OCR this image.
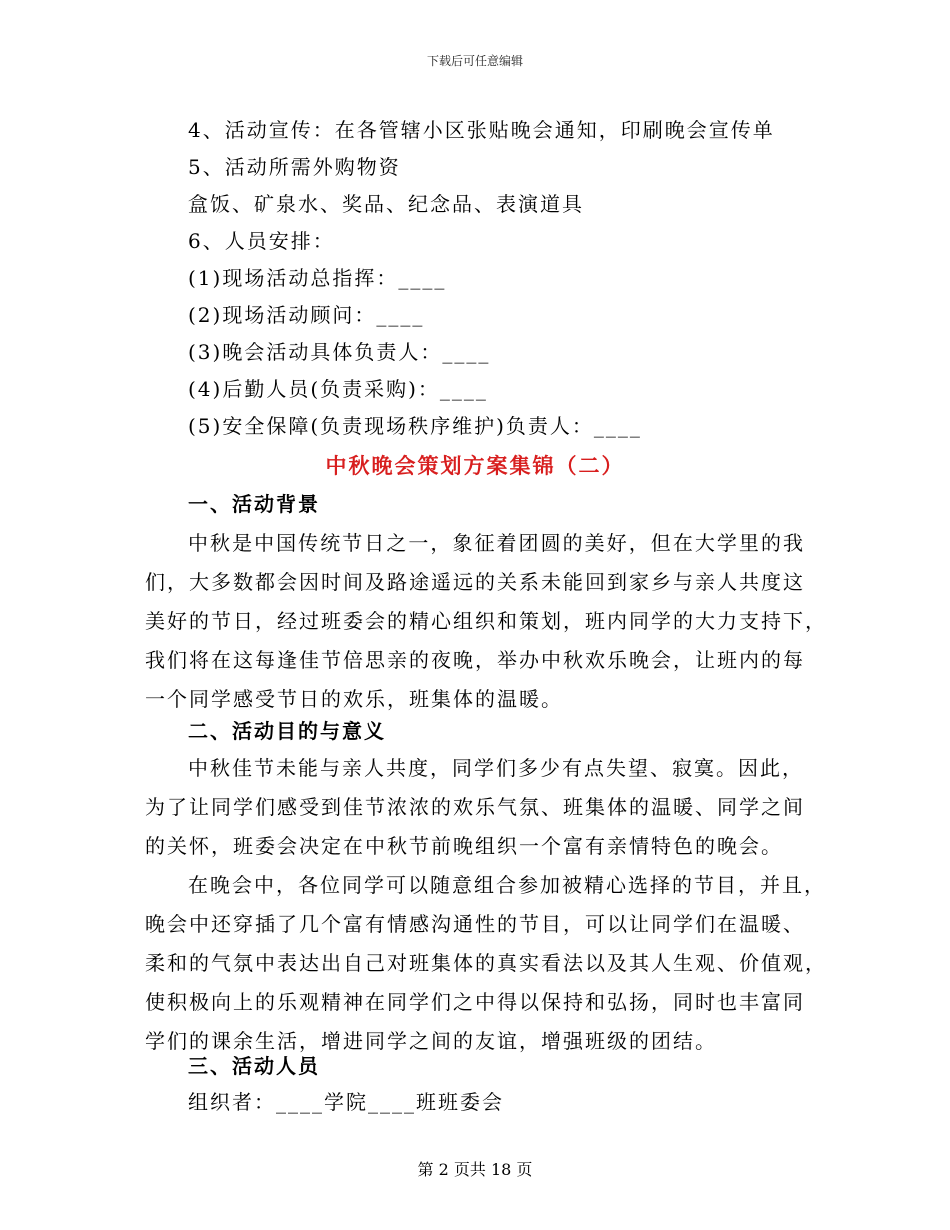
下载后可任意编辑
4、活动宣传：在各管辖小区张贴晚会通知，印刷晚会宣传单
5、活动所需外购物资
盒饭、矿泉水、奖品、纪念品、表演道具
6、人员安排：
(1)现场活动总指挥：____
(2)现场活动顾问：____
(3)晚会活动具体负责人：____
(4)后勤人员(负责采购)：____
(5)安全保障(负责现场秩序维护)负责人：____
中秋晚会策划方案集锦（二）
一、活动背景
中秋是中国传统节日之一，象征着团圆的美好，但在大学里的我
们，大多数都会因时间及路途遥远的关系未能回到家乡与亲人共度这
美好的节日，经过班委会的精心组织和策划，班内同学的大力支持下，
我们将在这每逢佳节倍思亲的夜晚，举办中秋欢乐晚会，让班内的每
一个同学感受节日的欢乐，班集体的温暖。
二、活动目的与意义
中秋佳节未能与亲人共度，同学们多少有点失望、寂寞。因此，
为了让同学们感受到佳节浓浓的欢乐气氛、班集体的温暖、同学之间
的关怀，班委会决定在中秋节前晚组织一个富有亲情特色的晚会。
在晚会中，各位同学可以随意组合参加被精心选择的节目，并且，
晚会中还穿插了几个富有情感沟通性的节目，可以让同学们在温暖、
柔和的气氛中表达出自己对班集体的真实看法以及其人生观、价值观，
使积极向上的乐观精神在同学们之中得以保持和弘扬，同时也丰富同
学们的课余生活，增进同学之间的友谊，增强班级的团结。
三、活动人员
组织者：____学院____班班委会
第 2 页共 18 页
